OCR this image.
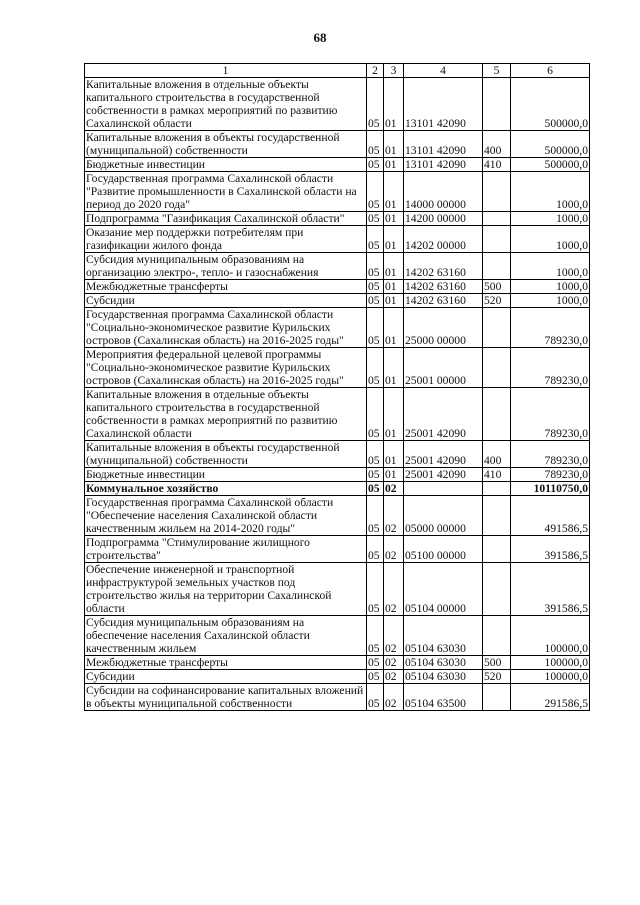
68
1	2	3	4	5	6
Капитальные вложения в отдельные объекты капитального строительства в государственной собственности в рамках мероприятий по развитию Сахалинской области	05	01	13101 42090		500000,0
Капитальные вложения в объекты государственной (муниципальной) собственности	05	01	13101 42090	400	500000,0
Бюджетные инвестиции	05	01	13101 42090	410	500000,0
Государственная программа Сахалинской области "Развитие промышленности в Сахалинской области на период до 2020 года"	05	01	14000 00000		1000,0
Подпрограмма "Газификация Сахалинской области"	05	01	14200 00000		1000,0
Оказание мер поддержки потребителям при газификации жилого фонда	05	01	14202 00000		1000,0
Субсидия муниципальным образованиям на организацию электро-, тепло- и газоснабжения	05	01	14202 63160		1000,0
Межбюджетные трансферты	05	01	14202 63160	500	1000,0
Субсидии	05	01	14202 63160	520	1000,0
Государственная программа Сахалинской области "Социально-экономическое развитие Курильских островов (Сахалинская область) на 2016-2025 годы"	05	01	25000 00000		789230,0
Мероприятия федеральной целевой программы "Социально-экономическое развитие Курильских островов (Сахалинская область) на 2016-2025 годы"	05	01	25001 00000		789230,0
Капитальные вложения в отдельные объекты капитального строительства в государственной собственности в рамках мероприятий по развитию Сахалинской области	05	01	25001 42090		789230,0
Капитальные вложения в объекты государственной (муниципальной) собственности	05	01	25001 42090	400	789230,0
Бюджетные инвестиции	05	01	25001 42090	410	789230,0
Коммунальное хозяйство	05	02			10110750,0
Государственная программа Сахалинской области "Обеспечение населения Сахалинской области качественным жильем на 2014-2020 годы"	05	02	05000 00000		491586,5
Подпрограмма "Стимулирование жилищного строительства"	05	02	05100 00000		391586,5
Обеспечение инженерной и транспортной инфраструктурой земельных участков под строительство жилья на территории Сахалинской области	05	02	05104 00000		391586,5
Субсидия муниципальным образованиям на обеспечение населения Сахалинской области качественным жильем	05	02	05104 63030		100000,0
Межбюджетные трансферты	05	02	05104 63030	500	100000,0
Субсидии	05	02	05104 63030	520	100000,0
Субсидии на софинансирование капитальных вложений в объекты муниципальной собственности	05	02	05104 63500		291586,5
